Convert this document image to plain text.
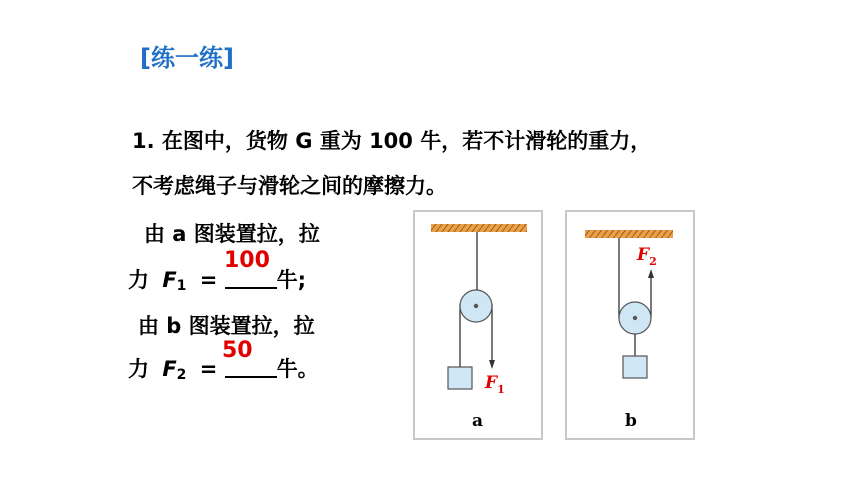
[练一练]
1. 在图中，货物 G 重为 100 牛，若不计滑轮的重力，
不考虑绳子与滑轮之间的摩擦力。
由 a 图装置拉，拉
力 $F_1$ =	牛;
100
由 b 图装置拉，拉
力 $F_2$ =	牛。
50
$F_1$
a
$F_2$
b
